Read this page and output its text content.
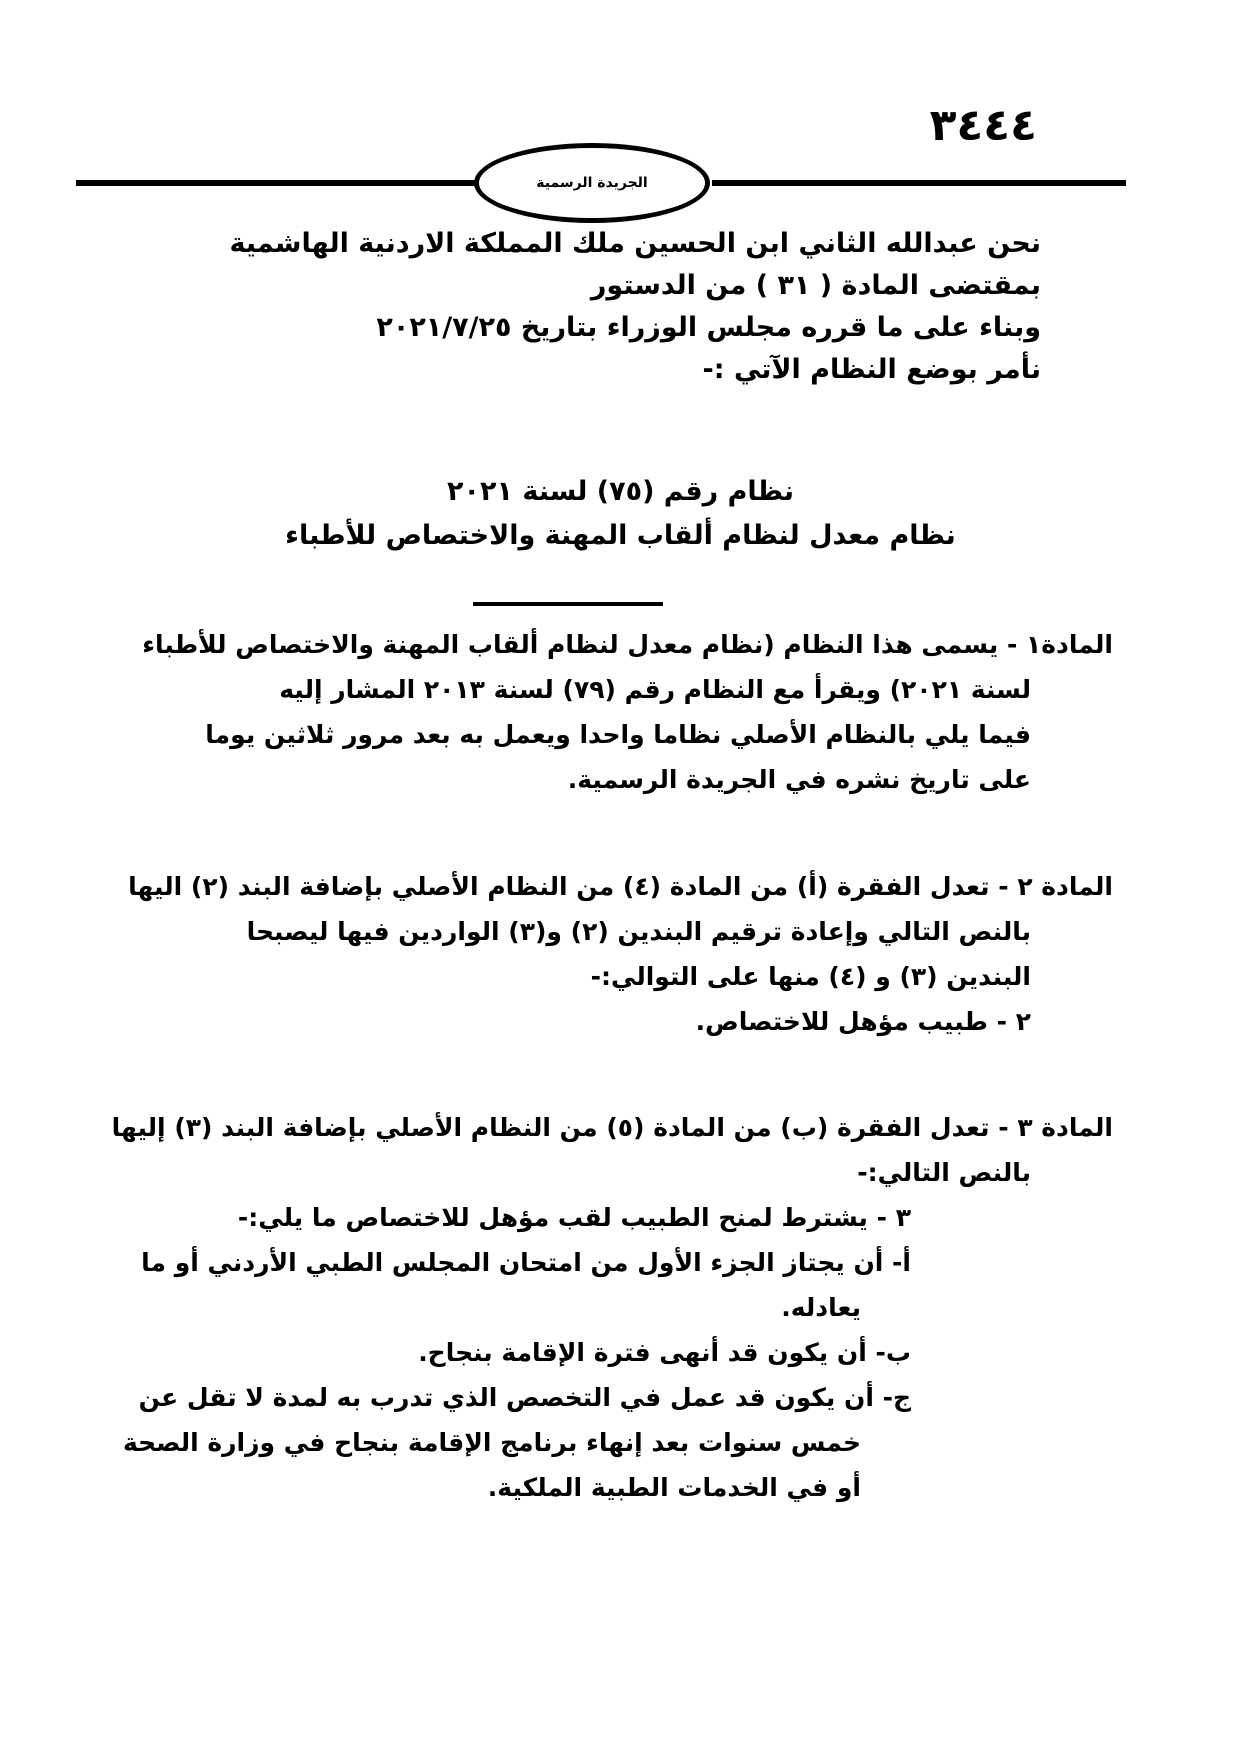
٣٤٤٤
الجريدة الرسمية
نحن عبدالله الثاني ابن الحسين ملك المملكة الاردنية الهاشمية
بمقتضى المادة ( ٣١ ) من الدستور
وبناء على ما قرره مجلس الوزراء بتاريخ ٢٠٢١/٧/٢٥
نأمر بوضع النظام الآتي :-
نظام رقم (٧٥) لسنة ٢٠٢١
نظام معدل لنظام ألقاب المهنة والاختصاص للأطباء
المادة١ - يسمى هذا النظام (نظام معدل لنظام ألقاب المهنة والاختصاص للأطباء
لسنة ٢٠٢١) ويقرأ مع النظام رقم (٧٩) لسنة ٢٠١٣ المشار إليه
فيما يلي بالنظام الأصلي نظاما واحدا ويعمل به بعد مرور ثلاثين يوما
على تاريخ نشره في الجريدة الرسمية.
المادة ٢ - تعدل الفقرة (أ) من المادة (٤) من النظام الأصلي بإضافة البند (٢) اليها
بالنص التالي وإعادة ترقيم البندين (٢) و(٣) الواردين فيها ليصبحا
البندين (٣) و (٤) منها على التوالي:-
٢ - طبيب مؤهل للاختصاص.
المادة ٣ - تعدل الفقرة (ب) من المادة (٥) من النظام الأصلي بإضافة البند (٣) إليها
بالنص التالي:-
٣ - يشترط لمنح الطبيب لقب مؤهل للاختصاص ما يلي:-
أ- أن يجتاز الجزء الأول من امتحان المجلس الطبي الأردني أو ما
يعادله.
ب- أن يكون قد أنهى فترة الإقامة بنجاح.
ج- أن يكون قد عمل في التخصص الذي تدرب به لمدة لا تقل عن
خمس سنوات بعد إنهاء برنامج الإقامة بنجاح في وزارة الصحة
أو في الخدمات الطبية الملكية.
